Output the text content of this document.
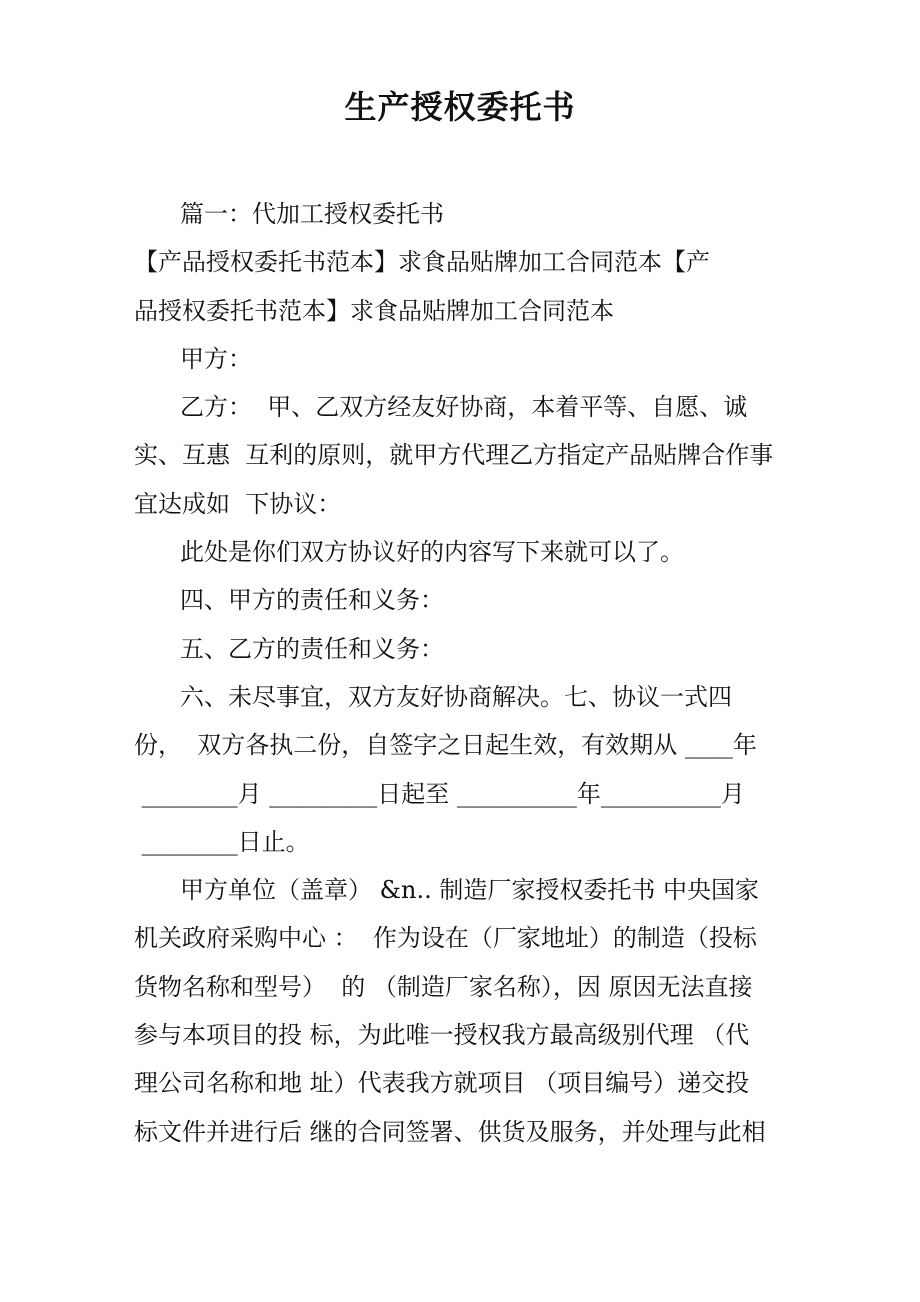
生产授权委托书

篇一：代加工授权委托书

【产品授权委托书范本】求食品贴牌加工合同范本【产
品授权委托书范本】求食品贴牌加工合同范本

甲方：

乙方：  甲、乙双方经友好协商，本着平等、自愿、诚
实、互惠  互利的原则，就甲方代理乙方指定产品贴牌合作事
宜达成如  下协议：

此处是你们双方协议好的内容写下来就可以了。

四、甲方的责任和义务：

五、乙方的责任和义务：

六、未尽事宜，双方友好协商解决。七、协议一式四
份，  双方各执二份，自签字之日起生效，有效期从 ____年
________月 _________日起至 __________年__________月
________日止。

甲方单位（盖章） &n.. 制造厂家授权委托书 中央国家
机关政府采购中心 ：  作为设在（厂家地址）的制造（投标
货物名称和型号）  的 （制造厂家名称），因 原因无法直接
参与本项目的投 标，为此唯一授权我方最高级别代理 （代
理公司名称和地 址）代表我方就项目 （项目编号）递交投
标文件并进行后 继的合同签署、供货及服务，并处理与此相
